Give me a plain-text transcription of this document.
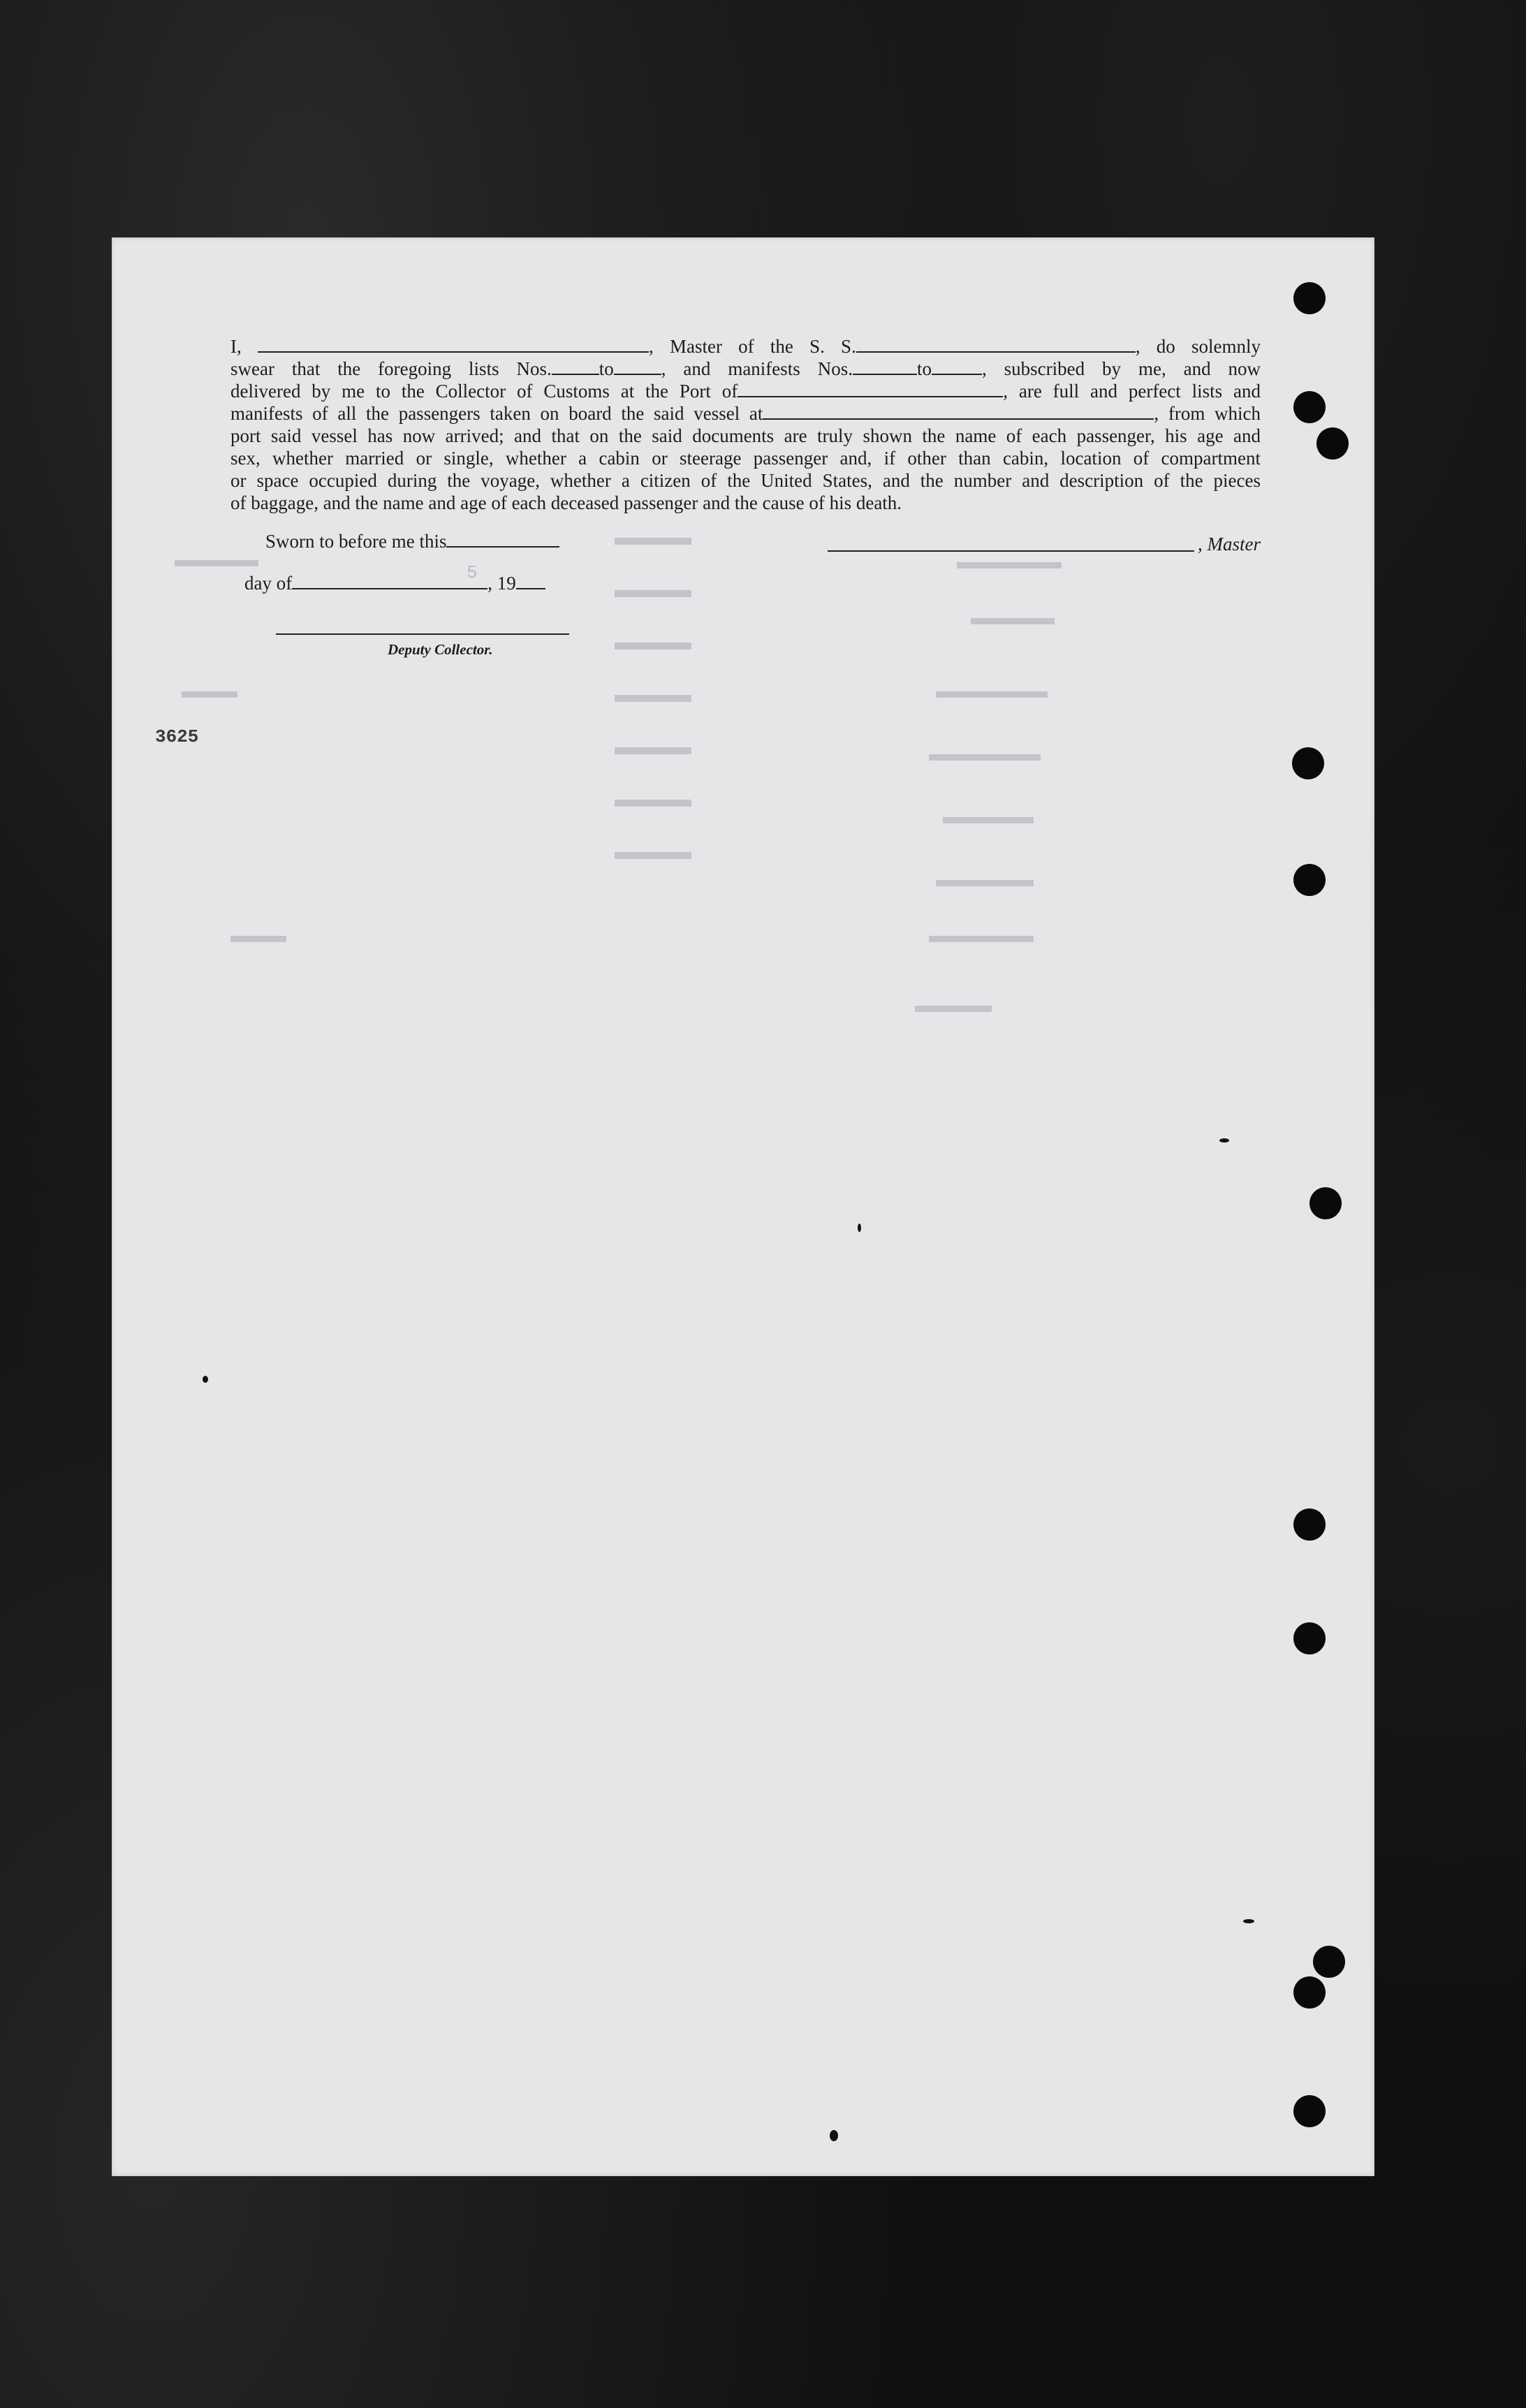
I,	, Master of the S. S.	, do solemnly
swear that the foregoing lists Nos.	to	, and manifests Nos.	to	, subscribed by me, and now
delivered by me to the Collector of Customs at the Port of	, are full and perfect lists and
manifests of all the passengers taken on board the said vessel at	, from which
port said vessel has now arrived; and that on the said documents are truly shown the name of each passenger, his age and
sex, whether married or single, whether a cabin or steerage passenger and, if other than cabin, location of compartment
or space occupied during the voyage, whether a citizen of the United States, and the number and description of the pieces
of baggage, and the name and age of each deceased passenger and the cause of his death.
Sworn to before me this
day of	, 19
Deputy Collector.
, Master
3625
5
